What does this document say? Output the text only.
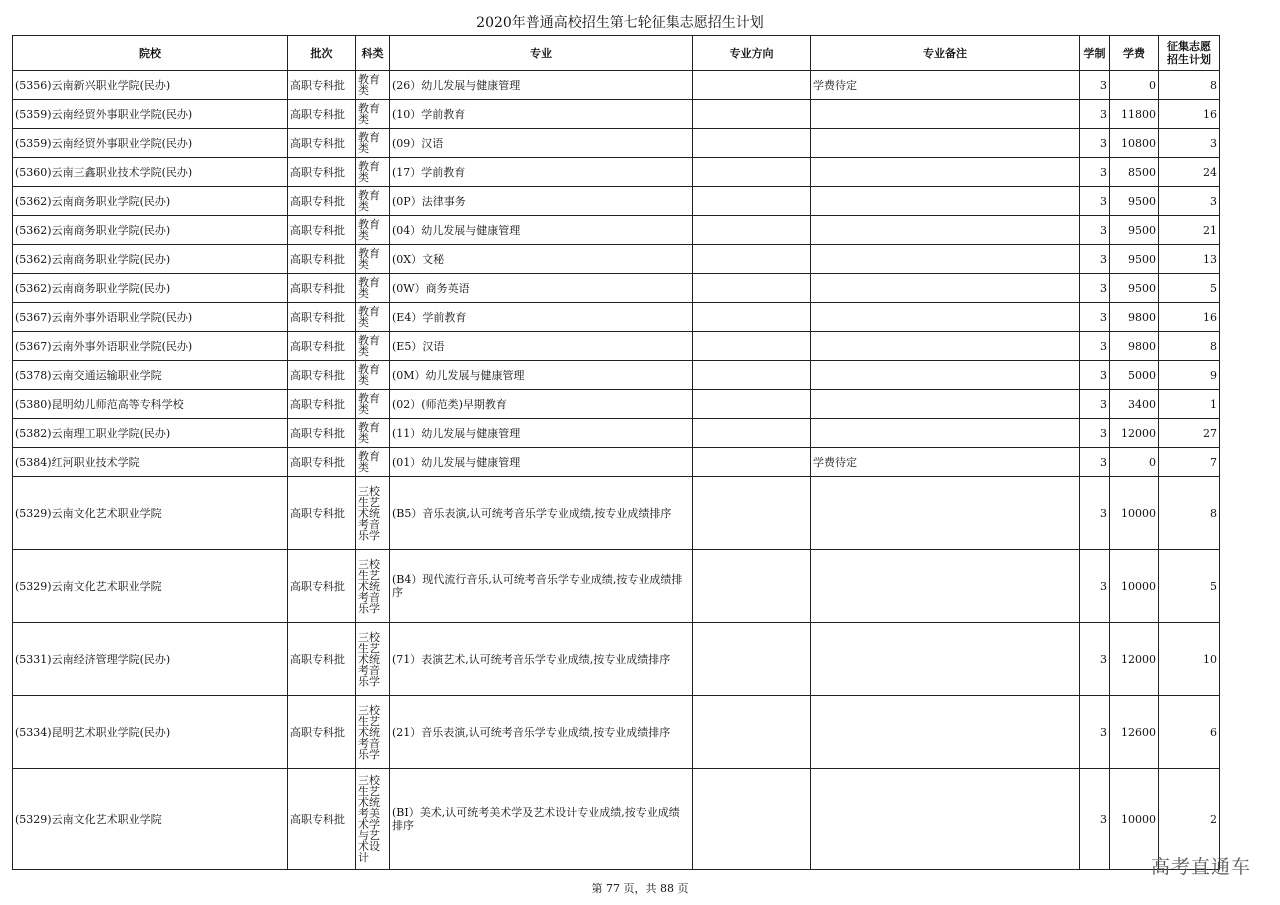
2020年普通高校招生第七轮征集志愿招生计划
院校	批次	科类	专业	专业方向	专业备注	学制	学费	征集志愿
招生计划
(5356)云南新兴职业学院(民办)	高职专科批	教育类	(26）幼儿发展与健康管理		学费待定	3	0	8
(5359)云南经贸外事职业学院(民办)	高职专科批	教育类	(10）学前教育			3	11800	16
(5359)云南经贸外事职业学院(民办)	高职专科批	教育类	(09）汉语			3	10800	3
(5360)云南三鑫职业技术学院(民办)	高职专科批	教育类	(17）学前教育			3	8500	24
(5362)云南商务职业学院(民办)	高职专科批	教育类	(0P）法律事务			3	9500	3
(5362)云南商务职业学院(民办)	高职专科批	教育类	(04）幼儿发展与健康管理			3	9500	21
(5362)云南商务职业学院(民办)	高职专科批	教育类	(0X）文秘			3	9500	13
(5362)云南商务职业学院(民办)	高职专科批	教育类	(0W）商务英语			3	9500	5
(5367)云南外事外语职业学院(民办)	高职专科批	教育类	(E4）学前教育			3	9800	16
(5367)云南外事外语职业学院(民办)	高职专科批	教育类	(E5）汉语			3	9800	8
(5378)云南交通运输职业学院	高职专科批	教育类	(0M）幼儿发展与健康管理			3	5000	9
(5380)昆明幼儿师范高等专科学校	高职专科批	教育类	(02）(师范类)早期教育			3	3400	1
(5382)云南理工职业学院(民办)	高职专科批	教育类	(11）幼儿发展与健康管理			3	12000	27
(5384)红河职业技术学院	高职专科批	教育类	(01）幼儿发展与健康管理		学费待定	3	0	7
(5329)云南文化艺术职业学院	高职专科批	三校生艺术统考音乐学	(B5）音乐表演,认可统考音乐学专业成绩,按专业成绩排序			3	10000	8
(5329)云南文化艺术职业学院	高职专科批	三校生艺术统考音乐学	(B4）现代流行音乐,认可统考音乐学专业成绩,按专业成绩排序			3	10000	5
(5331)云南经济管理学院(民办)	高职专科批	三校生艺术统考音乐学	(71）表演艺术,认可统考音乐学专业成绩,按专业成绩排序			3	12000	10
(5334)昆明艺术职业学院(民办)	高职专科批	三校生艺术统考音乐学	(21）音乐表演,认可统考音乐学专业成绩,按专业成绩排序			3	12600	6
(5329)云南文化艺术职业学院	高职专科批	三校生艺术统考美术学与艺术设计	(BI）美术,认可统考美术学及艺术设计专业成绩,按专业成绩排序			3	10000	2
第 77 页，共 88 页
高考直通车
